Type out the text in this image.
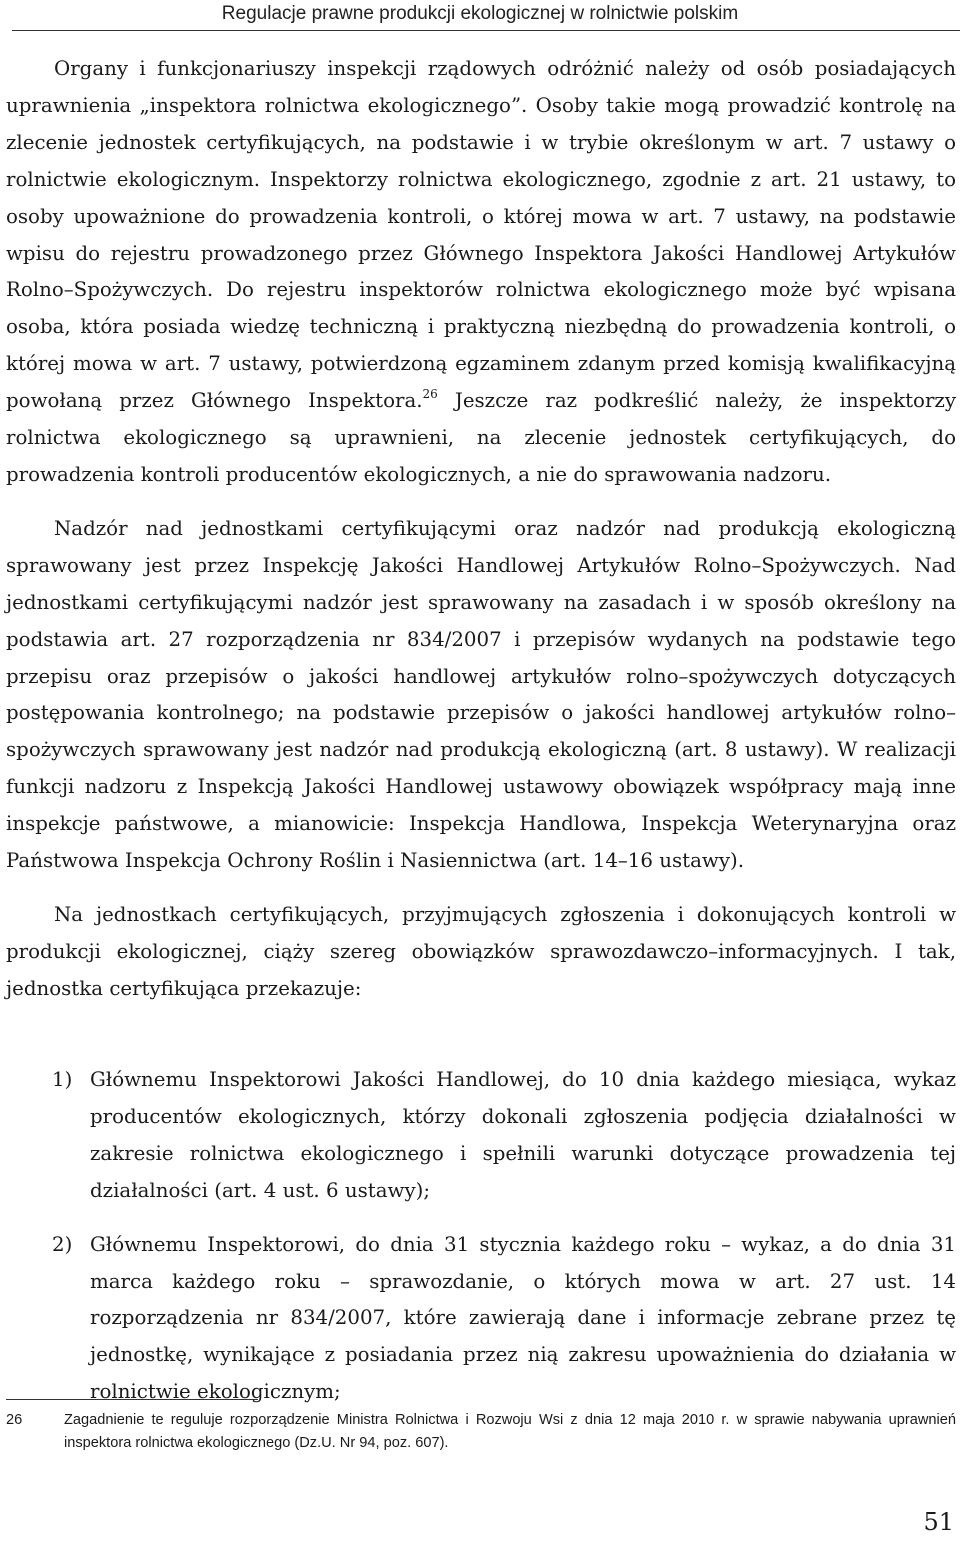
Regulacje prawne produkcji ekologicznej w rolnictwie polskim

Organy i funkcjonariuszy inspekcji rządowych odróżnić należy od osób posiadających uprawnienia „inspektora rolnictwa ekologicznego”. Osoby takie mogą prowadzić kontrolę na zlecenie jednostek certyfikujących, na podstawie i w trybie określonym w art. 7 ustawy o rolnictwie ekologicznym. Inspektorzy rolnictwa ekologicznego, zgodnie z art. 21 ustawy, to osoby upoważnione do prowadzenia kontroli, o której mowa w art. 7 ustawy, na podstawie wpisu do rejestru prowadzonego przez Głównego Inspektora Jakości Handlowej Artykułów Rolno–Spożywczych. Do rejestru inspektorów rolnictwa ekologicznego może być wpisana osoba, która posiada wiedzę techniczną i praktyczną niezbędną do prowadzenia kontroli, o której mowa w art. 7 ustawy, potwierdzoną egzaminem zdanym przed komisją kwalifikacyjną powołaną przez Głównego Inspektora.$^{26}$ Jeszcze raz podkreślić należy, że inspektorzy rolnictwa ekologicznego są uprawnieni, na zlecenie jednostek certyfikujących, do prowadzenia kontroli producentów ekologicznych, a nie do sprawowania nadzoru.

Nadzór nad jednostkami certyfikującymi oraz nadzór nad produkcją ekologiczną sprawowany jest przez Inspekcję Jakości Handlowej Artykułów Rolno–Spożywczych. Nad jednostkami certyfikującymi nadzór jest sprawowany na zasadach i w sposób określony na podstawia art. 27 rozporządzenia nr 834/2007 i przepisów wydanych na podstawie tego przepisu oraz przepisów o jakości handlowej artykułów rolno–spożywczych dotyczących postępowania kontrolnego; na podstawie przepisów o jakości handlowej artykułów rolno–spożywczych sprawowany jest nadzór nad produkcją ekologiczną (art. 8 ustawy). W realizacji funkcji nadzoru z Inspekcją Jakości Handlowej ustawowy obowiązek współpracy mają inne inspekcje państwowe, a mianowicie: Inspekcja Handlowa, Inspekcja Weterynaryjna oraz Państwowa Inspekcja Ochrony Roślin i Nasiennictwa (art. 14–16 ustawy).

Na jednostkach certyfikujących, przyjmujących zgłoszenia i dokonujących kontroli w produkcji ekologicznej, ciąży szereg obowiązków sprawozdawczo–informacyjnych. I tak, jednostka certyfikująca przekazuje:

1) Głównemu Inspektorowi Jakości Handlowej, do 10 dnia każdego miesiąca, wykaz producentów ekologicznych, którzy dokonali zgłoszenia podjęcia działalności w zakresie rolnictwa ekologicznego i spełnili warunki dotyczące prowadzenia tej działalności (art. 4 ust. 6 ustawy);
2) Głównemu Inspektorowi, do dnia 31 stycznia każdego roku – wykaz, a do dnia 31 marca każdego roku – sprawozdanie, o których mowa w art. 27 ust. 14 rozporządzenia nr 834/2007, które zawierają dane i informacje zebrane przez tę jednostkę, wynikające z posiadania przez nią zakresu upoważnienia do działania w rolnictwie ekologicznym;
26	Zagadnienie te reguluje rozporządzenie Ministra Rolnictwa i Rozwoju Wsi z dnia 12 maja 2010 r. w sprawie nabywania uprawnień inspektora rolnictwa ekologicznego (Dz.U. Nr 94, poz. 607).
51
